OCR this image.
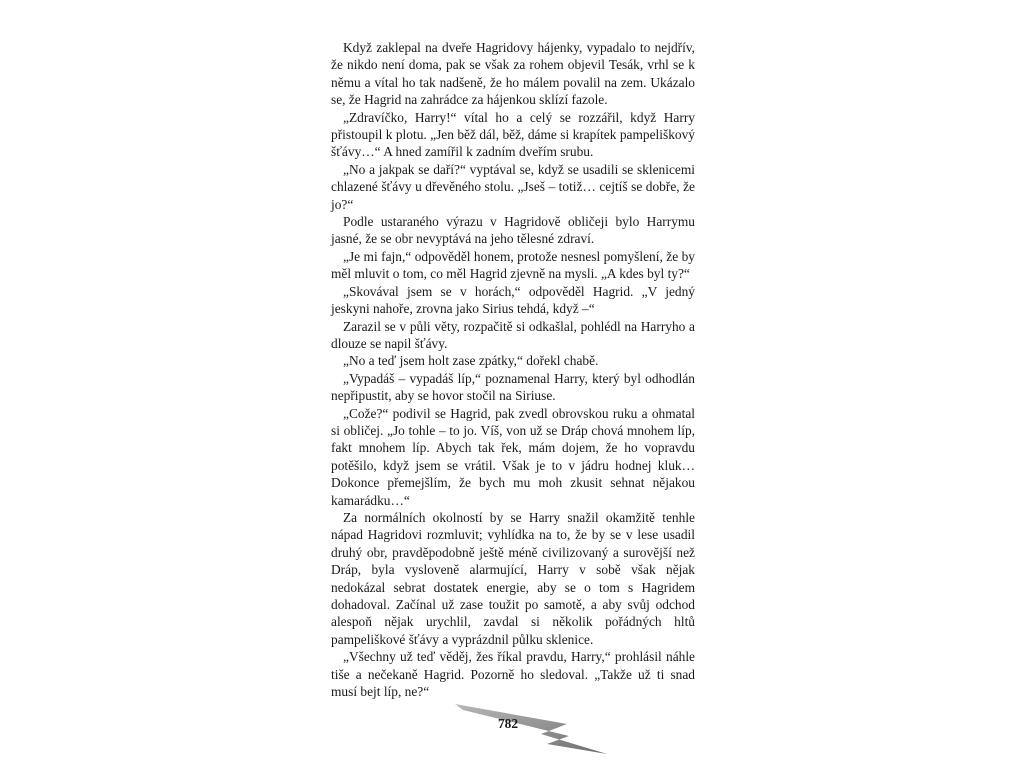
Když zaklepal na dveře Hagridovy hájenky, vypadalo to nejdřív, že nikdo není doma, pak se však za rohem objevil Tesák, vrhl se k němu a vítal ho tak nadšeně, že ho málem povalil na zem. Ukázalo se, že Hagrid na zahrádce za hájenkou sklízí fazole.

„Zdravíčko, Harry!“ vítal ho a celý se rozzářil, když Harry přistoupil k plotu. „Jen běž dál, běž, dáme si krapítek pampeliškový šťávy…“ A hned zamířil k zadním dveřím srubu.

„No a jakpak se daří?“ vyptával se, když se usadili se sklenicemi chlazené šťávy u dřevěného stolu. „Jseš – totiž… cejtíš se dobře, že jo?“

Podle ustaraného výrazu v Hagridově obličeji bylo Harrymu jasné, že se obr nevyptává na jeho tělesné zdraví.

„Je mi fajn,“ odpověděl honem, protože nesnesl pomyšlení, že by měl mluvit o tom, co měl Hagrid zjevně na mysli. „A kdes byl ty?“

„Skovával jsem se v horách,“ odpověděl Hagrid. „V jedný jeskyni nahoře, zrovna jako Sirius tehdá, když –“

Zarazil se v půli věty, rozpačitě si odkašlal, pohlédl na Harryho a dlouze se napil šťávy.

„No a teď jsem holt zase zpátky,“ dořekl chabě.

„Vypadáš – vypadáš líp,“ poznamenal Harry, který byl odhodlán nepřipustit, aby se hovor stočil na Siriuse.

„Cože?“ podivil se Hagrid, pak zvedl obrovskou ruku a ohmatal si obličej. „Jo tohle – to jo. Víš, von už se Dráp chová mnohem líp, fakt mnohem líp. Abych tak řek, mám dojem, že ho vopravdu potěšilo, když jsem se vrátil. Však je to v jádru hodnej kluk… Dokonce přemejšlím, že bych mu moh zkusit sehnat nějakou kamarádku…“

Za normálních okolností by se Harry snažil okamžitě tenhle nápad Hagridovi rozmluvit; vyhlídka na to, že by se v lese usadil druhý obr, pravděpodobně ještě méně civilizovaný a surovější než Dráp, byla vysloveně alarmující, Harry v sobě však nějak nedokázal sebrat dostatek energie, aby se o tom s Hagridem dohadoval. Začínal už zase toužit po samotě, a aby svůj odchod alespoň nějak urychlil, zavdal si několik pořádných hltů pampeliškové šťávy a vyprázdnil půlku sklenice.

„Všechny už teď věděj, žes říkal pravdu, Harry,“ prohlásil náhle tiše a nečekaně Hagrid. Pozorně ho sledoval. „Takže už ti snad musí bejt líp, ne?“

782
